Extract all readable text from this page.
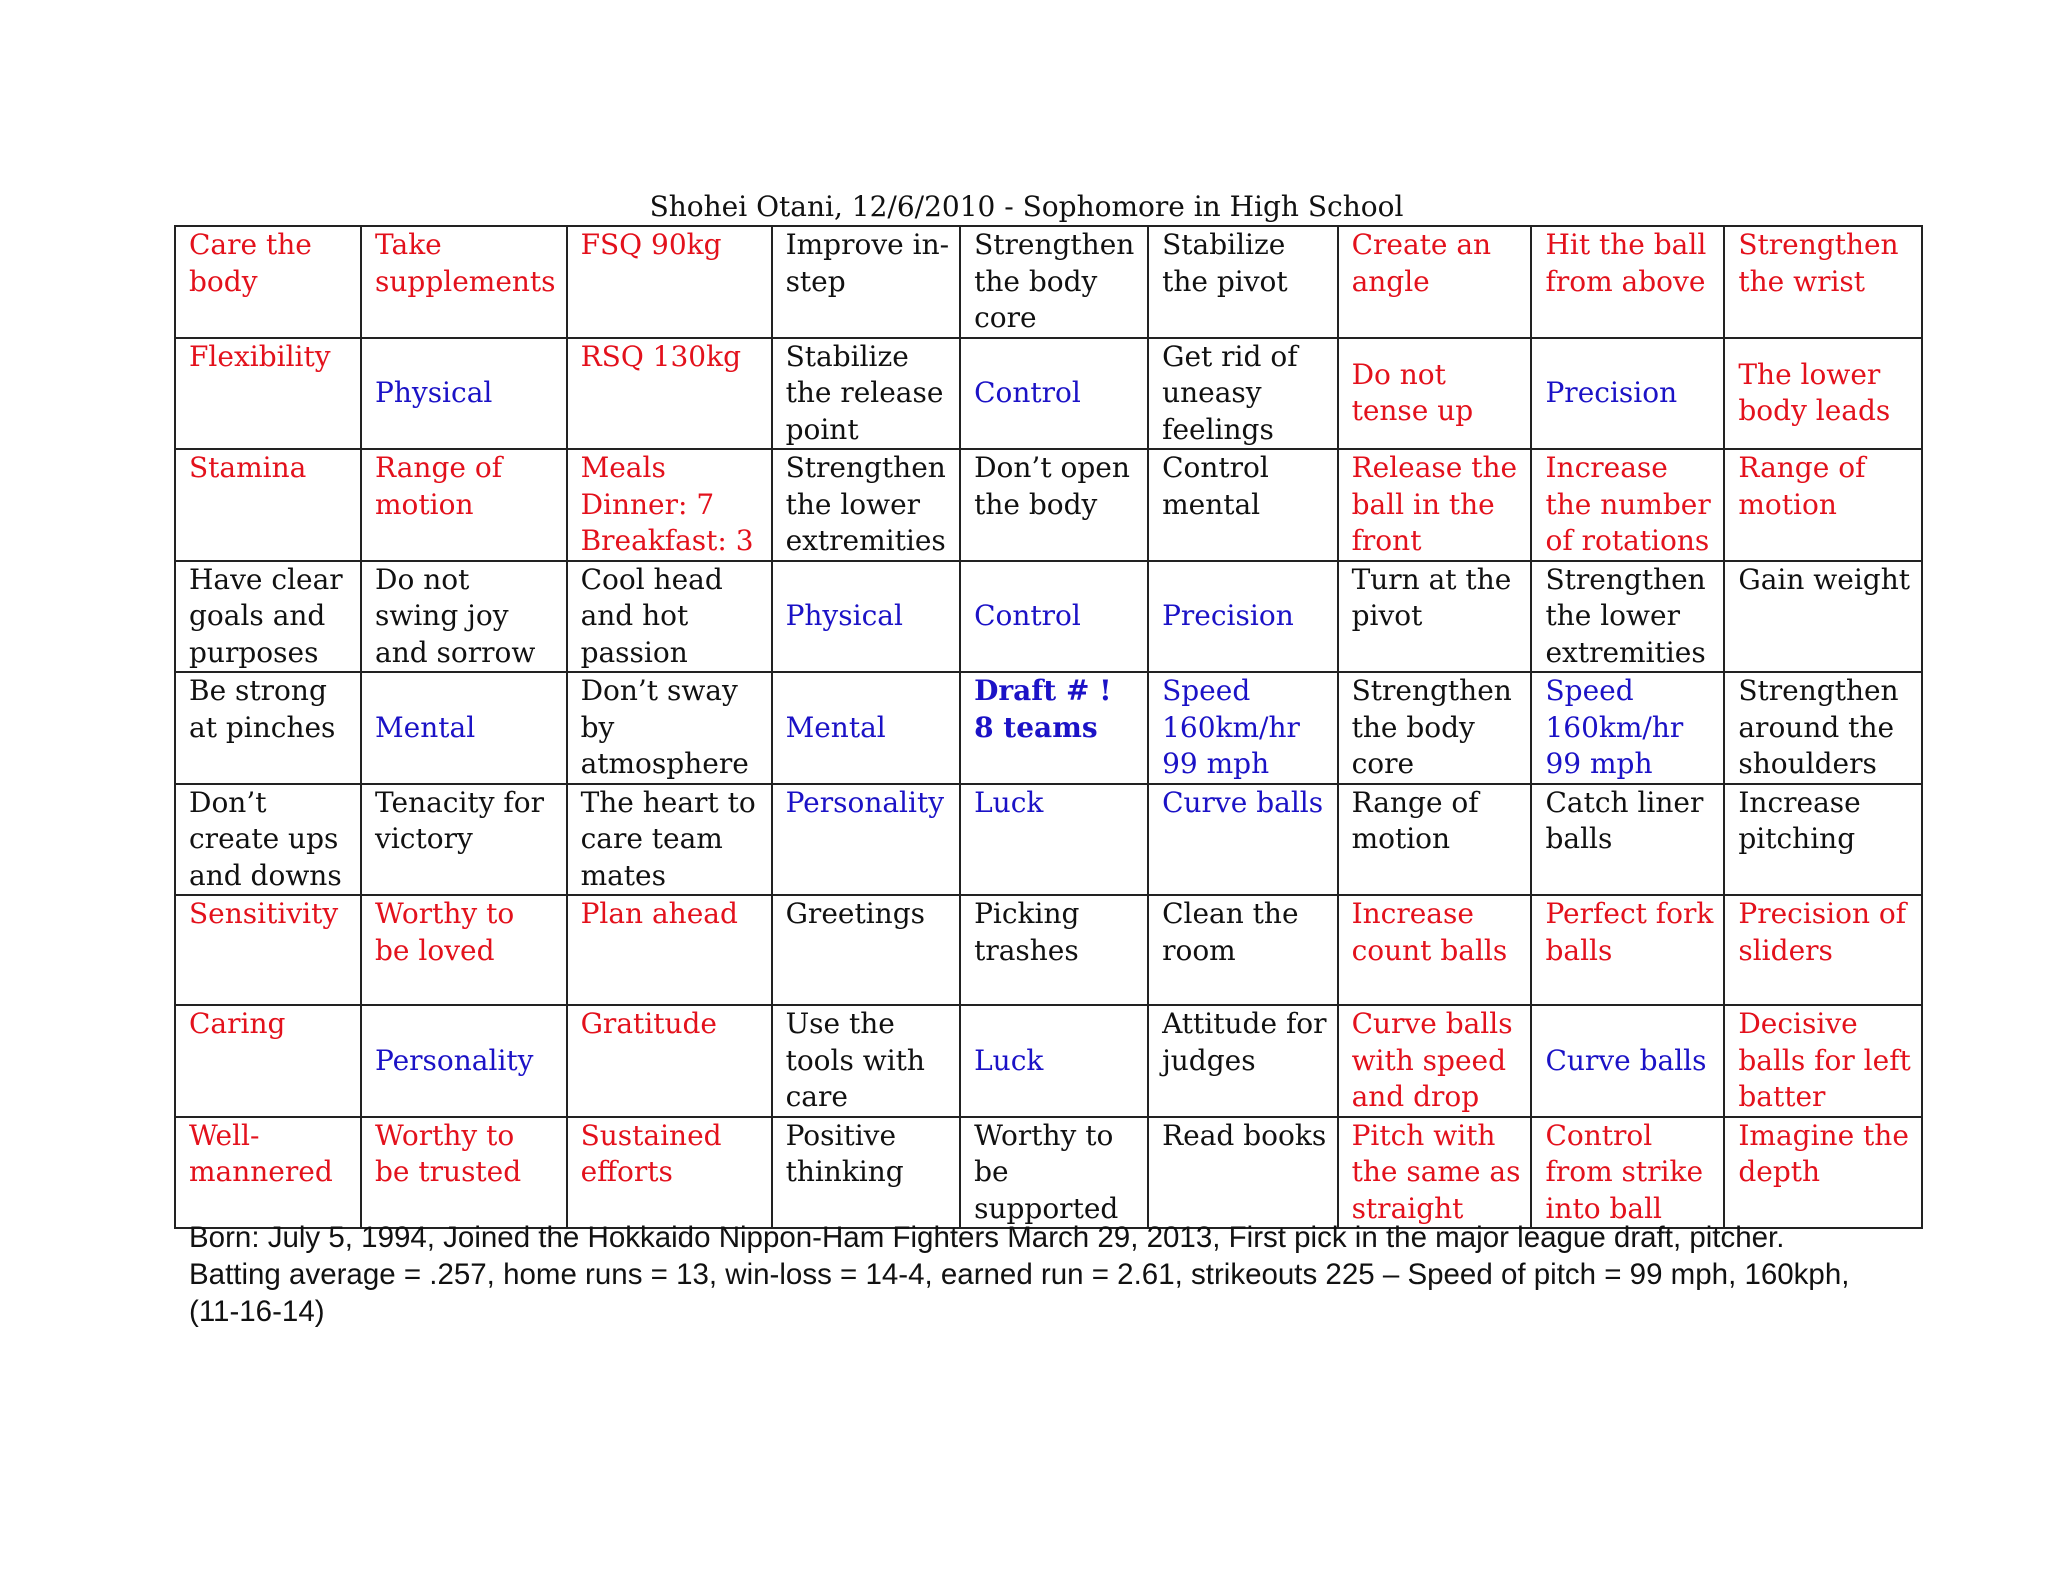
Shohei Otani, 12/6/2010 - Sophomore in High School
Care the
body	Take
supplements	FSQ 90kg	Improve in-
step	Strengthen
the body
core	Stabilize
the pivot	Create an
angle	Hit the ball
from above	Strengthen
the wrist

Flexibility	Physical	RSQ 130kg	Stabilize
the release
point	Control	Get rid of
uneasy
feelings	Do not
tense up	Precision	The lower
body leads

Stamina	Range of
motion	Meals
Dinner: 7
Breakfast: 3	Strengthen
the lower
extremities	Don’t open
the body	Control
mental	Release the
ball in the
front	Increase
the number
of rotations	Range of
motion

Have clear
goals and
purposes	Do not
swing joy
and sorrow	Cool head
and hot
passion	Physical	Control	Precision	Turn at the
pivot	Strengthen
the lower
extremities	Gain weight

Be strong
at pinches	Mental	Don’t sway
by
atmosphere	Mental	Draft # !
8 teams	Speed
160km/hr
99 mph	Strengthen
the body
core	Speed
160km/hr
99 mph	Strengthen
around the
shoulders

Don’t
create ups
and downs	Tenacity for
victory	The heart to
care team
mates	Personality	Luck	Curve balls	Range of
motion	Catch liner
balls	Increase
pitching

Sensitivity	Worthy to
be loved	Plan ahead	Greetings	Picking
trashes	Clean the
room	Increase
count balls	Perfect fork
balls	Precision of
sliders

Caring	Personality	Gratitude	Use the
tools with
care	Luck	Attitude for
judges	Curve balls
with speed
and drop	Curve balls	Decisive
balls for left
batter

Well-
mannered	Worthy to
be trusted	Sustained
efforts	Positive
thinking	Worthy to
be
supported	Read books	Pitch with
the same as
straight	Control
from strike
into ball	Imagine the
depth
Born: July 5, 1994, Joined the Hokkaido Nippon-Ham Fighters March 29, 2013, First pick in the major league draft, pitcher.
Batting average = .257, home runs = 13, win-loss = 14-4, earned run = 2.61, strikeouts 225 – Speed of pitch = 99 mph, 160kph,
(11-16-14)
